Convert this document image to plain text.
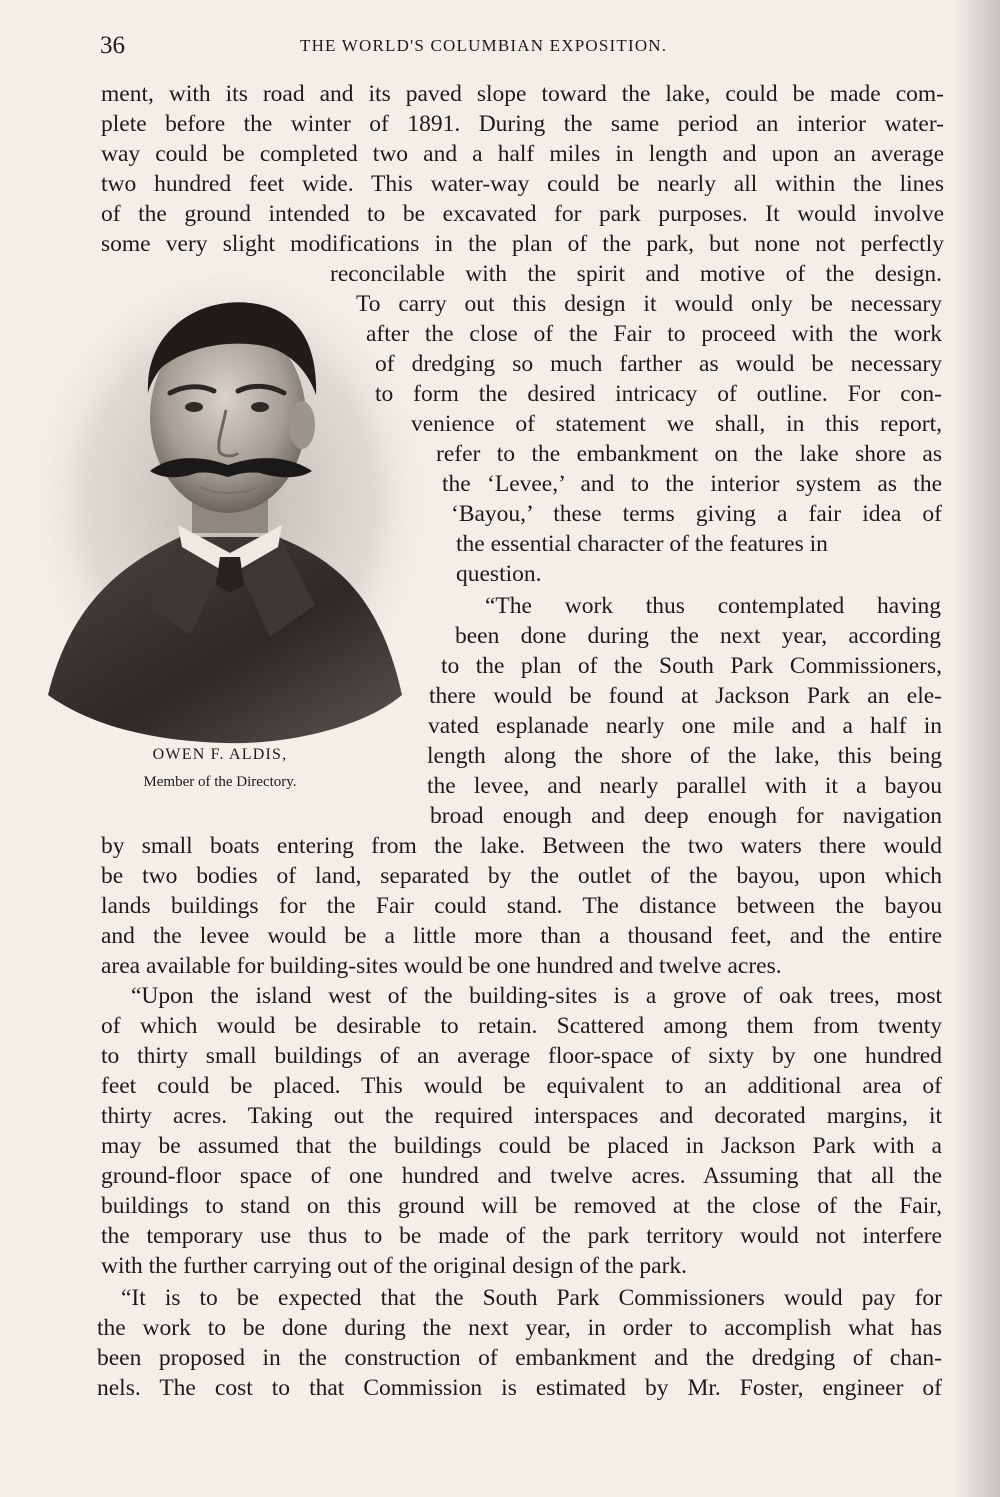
36	THE WORLD'S COLUMBIAN EXPOSITION.
OWEN F. ALDIS,
Member of the Directory.
ment, with its road and its paved slope toward the lake, could be made com-
plete before the winter of 1891. During the same period an interior water-
way could be completed two and a half miles in length and upon an average
two hundred feet wide. This water-way could be nearly all within the lines
of the ground intended to be excavated for park purposes. It would involve
some very slight modifications in the plan of the park, but none not perfectly
reconcilable with the spirit and motive of the design.
To carry out this design it would only be necessary
after the close of the Fair to proceed with the work
of dredging so much farther as would be necessary
to form the desired intricacy of outline. For con-
venience of statement we shall, in this report,
refer to the embankment on the lake shore as
the ‘Levee,’ and to the interior system as the
‘Bayou,’ these terms giving a fair idea of
the essential character of the features in
question.
“The work thus contemplated having
been done during the next year, according
to the plan of the South Park Commissioners,
there would be found at Jackson Park an ele-
vated esplanade nearly one mile and a half in
length along the shore of the lake, this being
the levee, and nearly parallel with it a bayou
broad enough and deep enough for navigation
by small boats entering from the lake. Between the two waters there would
be two bodies of land, separated by the outlet of the bayou, upon which
lands buildings for the Fair could stand. The distance between the bayou
and the levee would be a little more than a thousand feet, and the entire
area available for building-sites would be one hundred and twelve acres.
“Upon the island west of the building-sites is a grove of oak trees, most
of which would be desirable to retain. Scattered among them from twenty
to thirty small buildings of an average floor-space of sixty by one hundred
feet could be placed. This would be equivalent to an additional area of
thirty acres. Taking out the required interspaces and decorated margins, it
may be assumed that the buildings could be placed in Jackson Park with a
ground-floor space of one hundred and twelve acres. Assuming that all the
buildings to stand on this ground will be removed at the close of the Fair,
the temporary use thus to be made of the park territory would not interfere
with the further carrying out of the original design of the park.
“It is to be expected that the South Park Commissioners would pay for
the work to be done during the next year, in order to accomplish what has
been proposed in the construction of embankment and the dredging of chan-
nels. The cost to that Commission is estimated by Mr. Foster, engineer of
